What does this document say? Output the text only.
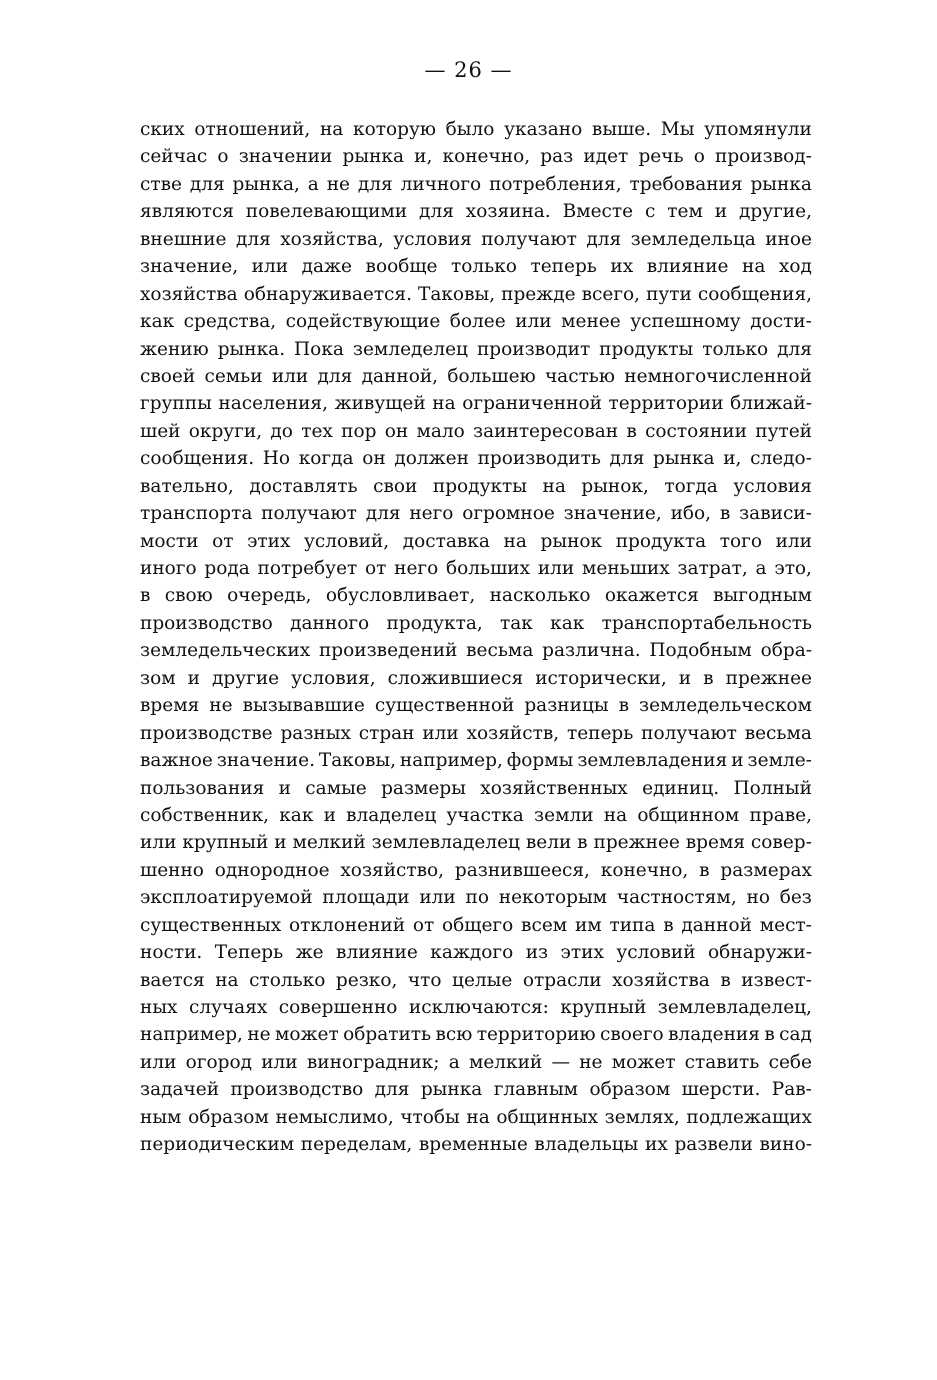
— 26 —
ских отношений, на которую было указано выше. Мы упомянули
сейчас о значении рынка и, конечно, раз идет речь о производ-
стве для рынка, а не для личного потребления, требования рынка
являются повелевающими для хозяина. Вместе с тем и другие,
внешние для хозяйства, условия получают для земледельца иное
значение, или даже вообще только теперь их влияние на ход
хозяйства обнаруживается. Таковы, прежде всего, пути сообщения,
как средства, содействующие более или менее успешному дости-
жению рынка. Пока земледелец производит продукты только для
своей семьи или для данной, большею частью немногочисленной
группы населения, живущей на ограниченной территории ближай-
шей округи, до тех пор он мало заинтересован в состоянии путей
сообщения. Но когда он должен производить для рынка и, следо-
вательно, доставлять свои продукты на рынок, тогда условия
транспорта получают для него огромное значение, ибо, в зависи-
мости от этих условий, доставка на рынок продукта того или
иного рода потребует от него больших или меньших затрат, а это,
в свою очередь, обусловливает, насколько окажется выгодным
производство данного продукта, так как транспортабельность
земледельческих произведений весьма различна. Подобным обра-
зом и другие условия, сложившиеся исторически, и в прежнее
время не вызывавшие существенной разницы в земледельческом
производстве разных стран или хозяйств, теперь получают весьма
важное значение. Таковы, например, формы землевладения и земле-
пользования и самые размеры хозяйственных единиц. Полный
собственник, как и владелец участка земли на общинном праве,
или крупный и мелкий землевладелец вели в прежнее время совер-
шенно однородное хозяйство, разнившееся, конечно, в размерах
эксплоатируемой площади или по некоторым частностям, но без
существенных отклонений от общего всем им типа в данной мест-
ности. Теперь же влияние каждого из этих условий обнаружи-
вается на столько резко, что целые отрасли хозяйства в извест-
ных случаях совершенно исключаются: крупный землевладелец,
например, не может обратить всю территорию своего владения в сад
или огород или виноградник; а мелкий — не может ставить себе
задачей производство для рынка главным образом шерсти. Рав-
ным образом немыслимо, чтобы на общинных землях, подлежащих
периодическим переделам, временные владельцы их развели вино-
